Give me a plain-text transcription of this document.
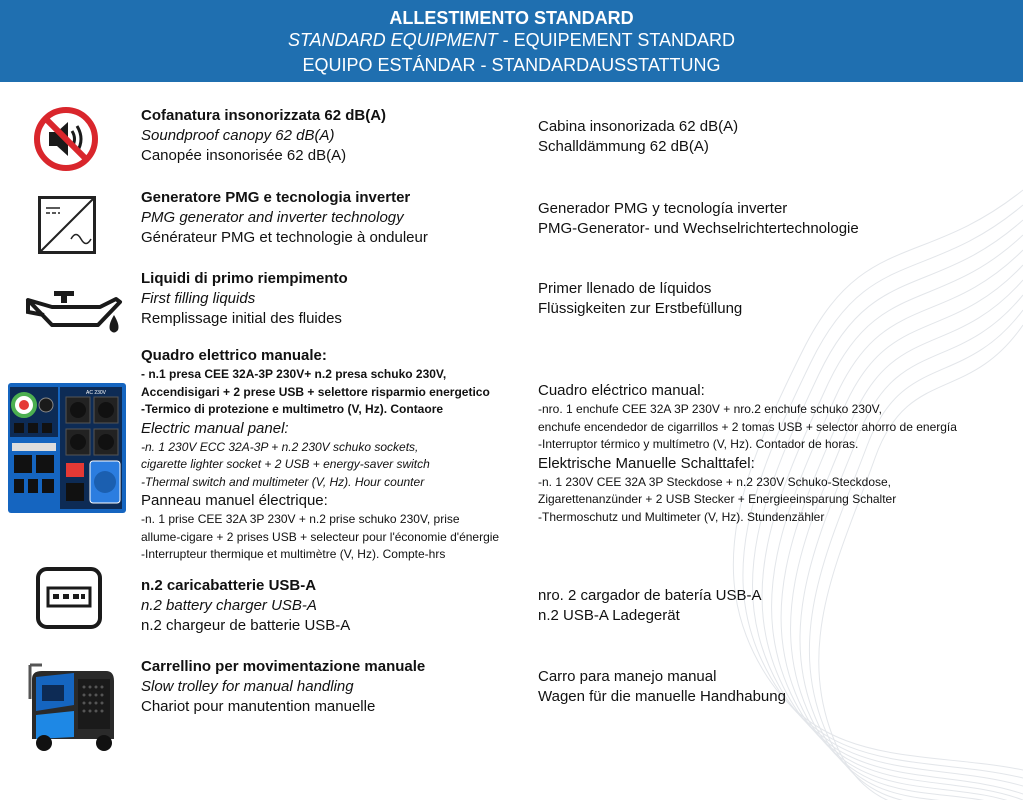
ALLESTIMENTO STANDARD
STANDARD EQUIPMENT - EQUIPEMENT STANDARD
EQUIPO ESTÁNDAR - STANDARDAUSSTATTUNG
Cofanatura insonorizzata 62 dB(A)
Soundproof canopy 62 dB(A)
Canopée insonorisée 62 dB(A)
Cabina insonorizada 62 dB(A)
Schalldämmung 62 dB(A)
Generatore PMG e tecnologia inverter
PMG generator and inverter technology
Générateur PMG et technologie à onduleur
Generador PMG y tecnología inverter
PMG-Generator- und Wechselrichtertechnologie
Liquidi di primo riempimento
First filling liquids
Remplissage initial des fluides
Primer llenado de líquidos
Flüssigkeiten zur Erstbefüllung
AC 230V
Quadro elettrico manuale:
- n.1 presa CEE 32A-3P 230V+ n.2 presa schuko 230V,
Accendisigari + 2 prese USB + selettore risparmio energetico
-Termico di protezione e multimetro (V, Hz). Contaore
Electric manual panel:
-n. 1 230V ECC 32A-3P + n.2 230V schuko sockets,
cigarette lighter socket + 2 USB + energy-saver switch
-Thermal switch and multimeter (V, Hz). Hour counter
Panneau manuel électrique:
-n. 1 prise CEE 32A 3P 230V + n.2 prise schuko 230V, prise
allume-cigare + 2 prises USB + selecteur pour l'économie d'énergie
-Interrupteur thermique et multimètre (V, Hz). Compte-hrs
Cuadro eléctrico manual:
-nro. 1 enchufe CEE 32A 3P 230V + nro.2 enchufe schuko 230V,
enchufe encendedor de cigarrillos + 2 tomas USB + selector ahorro de energía
-Interruptor térmico y multímetro (V, Hz). Contador de horas.
Elektrische Manuelle Schalttafel:
-n. 1 230V CEE 32A 3P Steckdose + n.2 230V Schuko-Steckdose,
Zigarettenanzünder + 2 USB Stecker + Energieeinsparung Schalter
-Thermoschutz und Multimeter (V, Hz). Stundenzähler
n.2 caricabatterie USB-A
n.2 battery charger USB-A
n.2 chargeur de batterie USB-A
nro. 2 cargador de batería USB-A
n.2 USB-A Ladegerät
Carrellino per movimentazione manuale
Slow trolley for manual handling
Chariot pour manutention manuelle
Carro para manejo manual
Wagen für die manuelle Handhabung
